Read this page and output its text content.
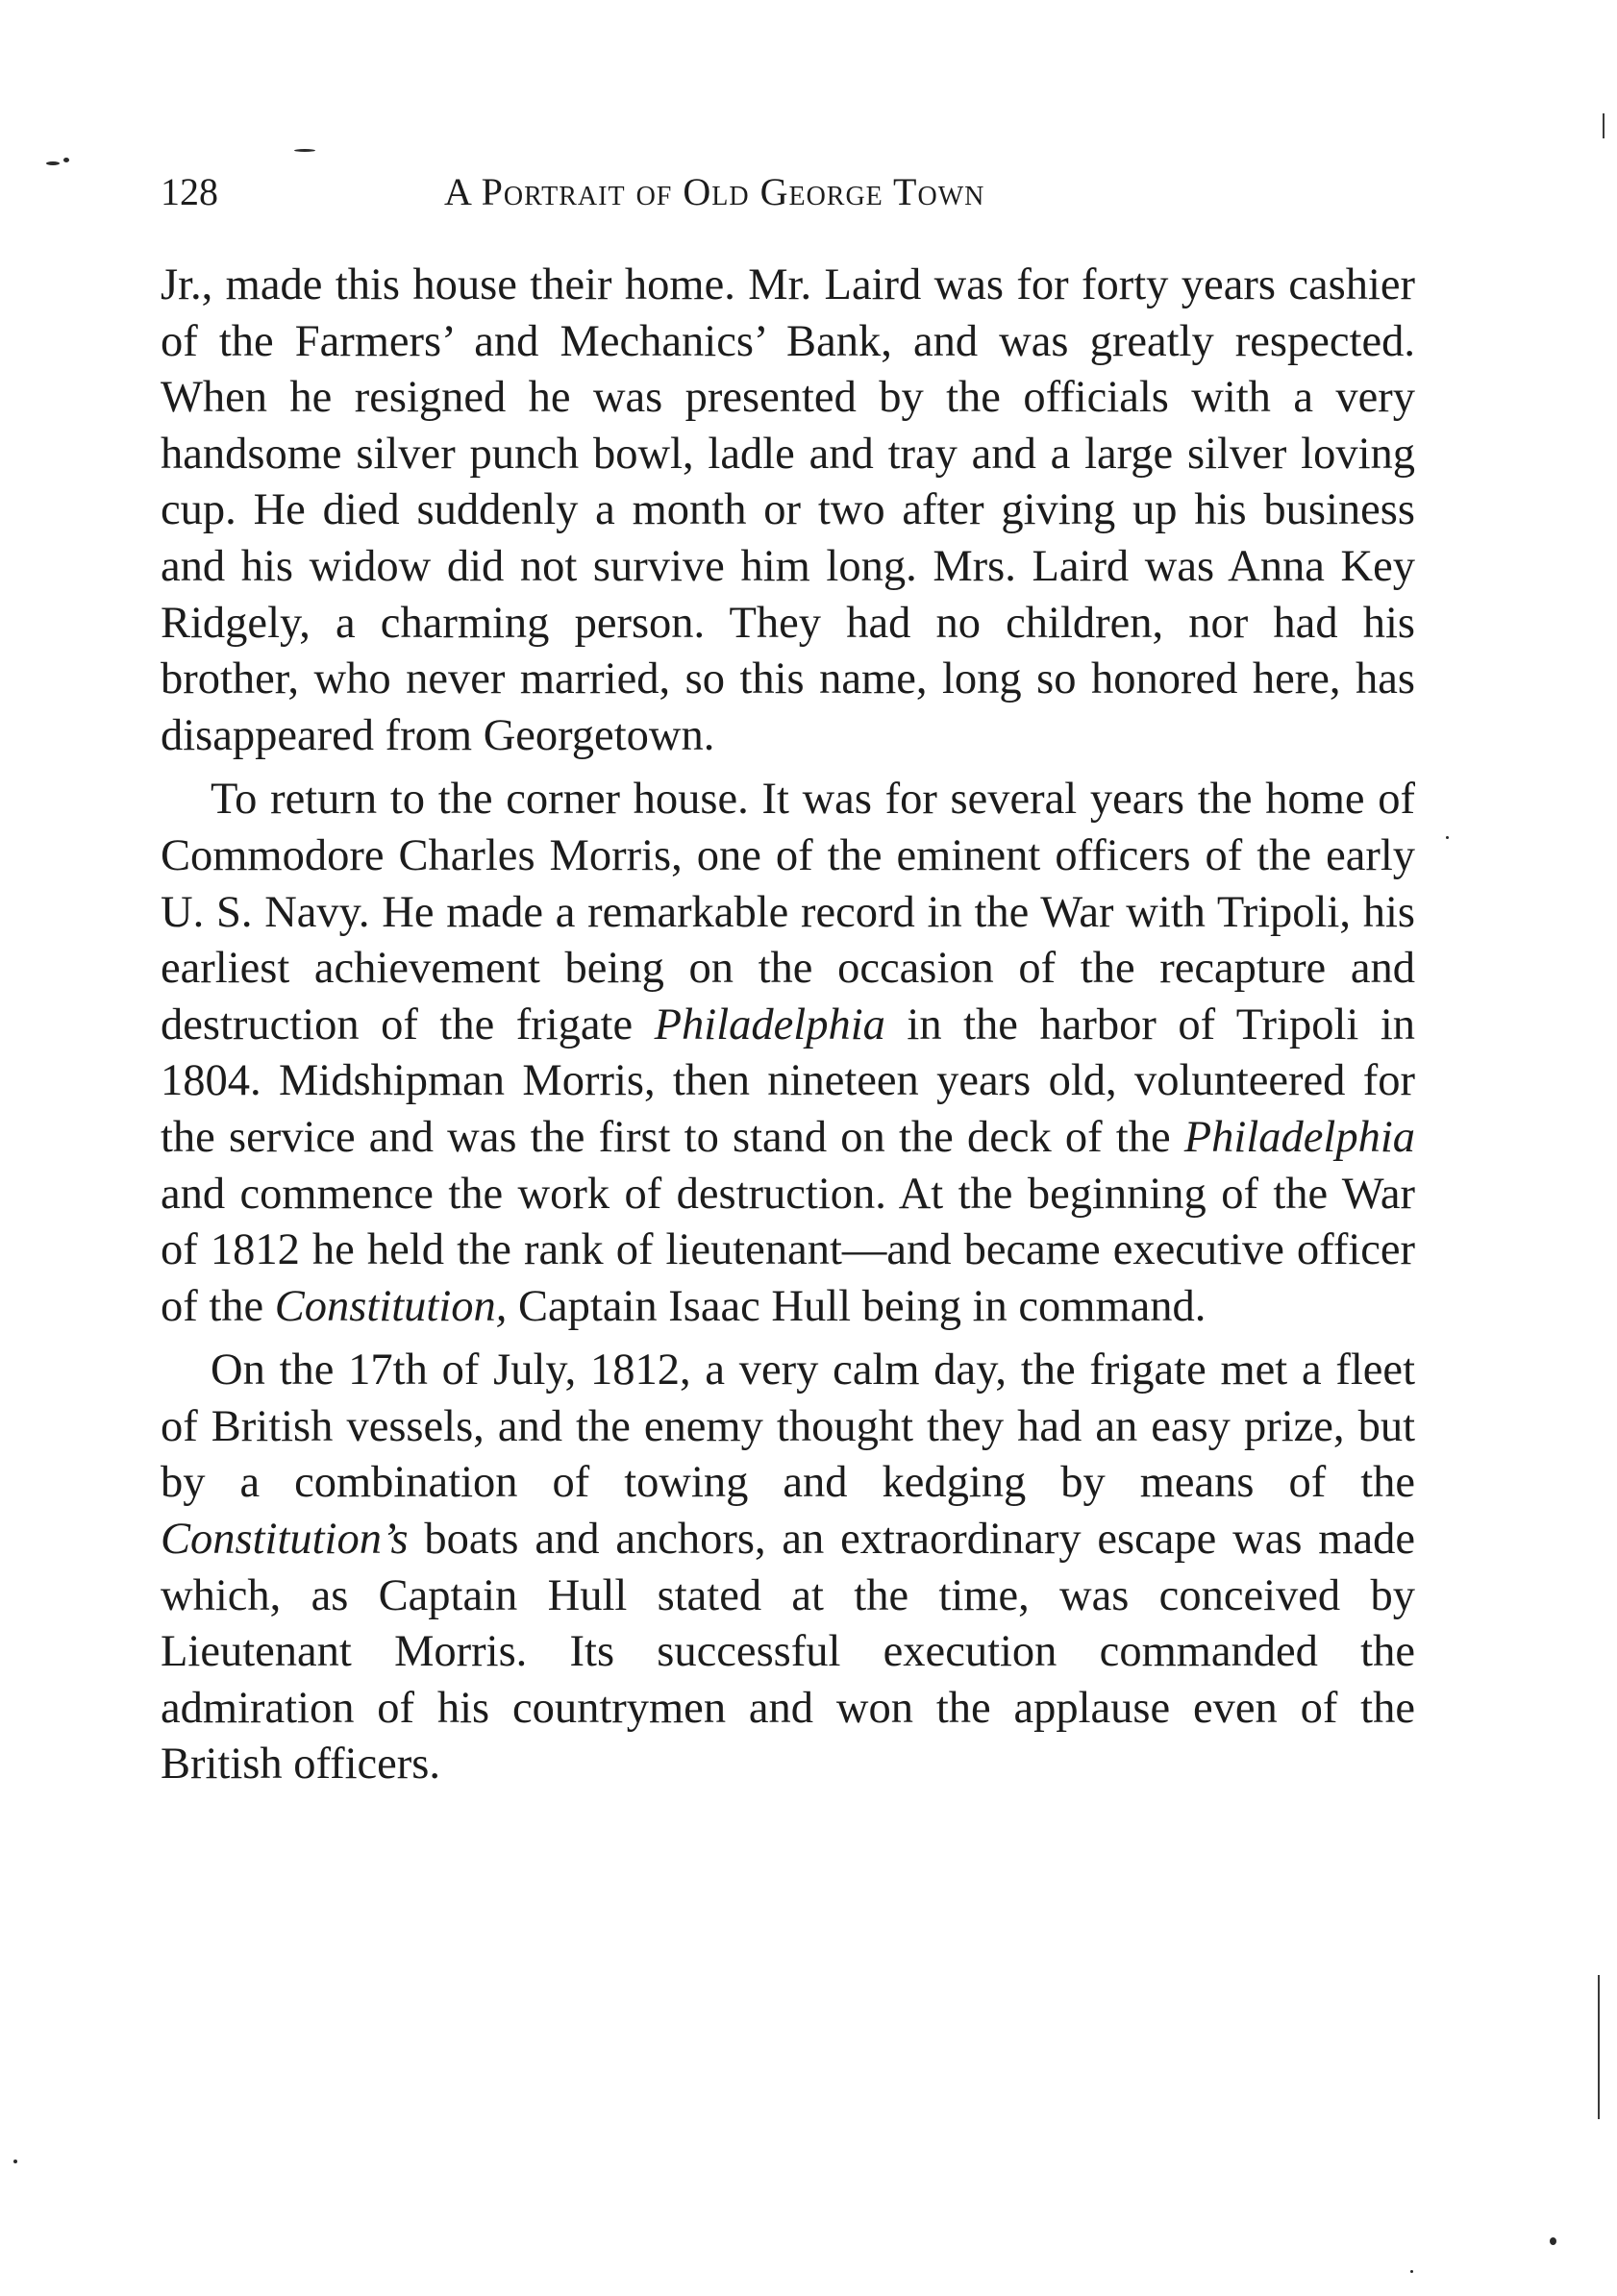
128	A Portrait of Old George Town

Jr., made this house their home. Mr. Laird was for forty years cashier of the Farmers’ and Mechanics’ Bank, and was greatly respected. When he resigned he was presented by the officials with a very handsome silver punch bowl, ladle and tray and a large silver loving cup. He died suddenly a month or two after giving up his business and his widow did not survive him long. Mrs. Laird was Anna Key Ridgely, a charming person. They had no children, nor had his brother, who never married, so this name, long so honored here, has disappeared from Georgetown.

To return to the corner house. It was for several years the home of Commodore Charles Morris, one of the eminent officers of the early U. S. Navy. He made a remarkable record in the War with Tripoli, his earliest achievement being on the occasion of the recapture and destruction of the frigate Philadelphia in the harbor of Tripoli in 1804. Midshipman Morris, then nineteen years old, volunteered for the service and was the first to stand on the deck of the Philadelphia and commence the work of destruction. At the beginning of the War of 1812 he held the rank of lieutenant—and became executive officer of the Constitution, Captain Isaac Hull being in command.

On the 17th of July, 1812, a very calm day, the frigate met a fleet of British vessels, and the enemy thought they had an easy prize, but by a combination of towing and kedging by means of the Constitution’s boats and anchors, an extraordinary escape was made which, as Captain Hull stated at the time, was conceived by Lieutenant Morris. Its successful execution commanded the admiration of his countrymen and won the applause even of the British officers.
